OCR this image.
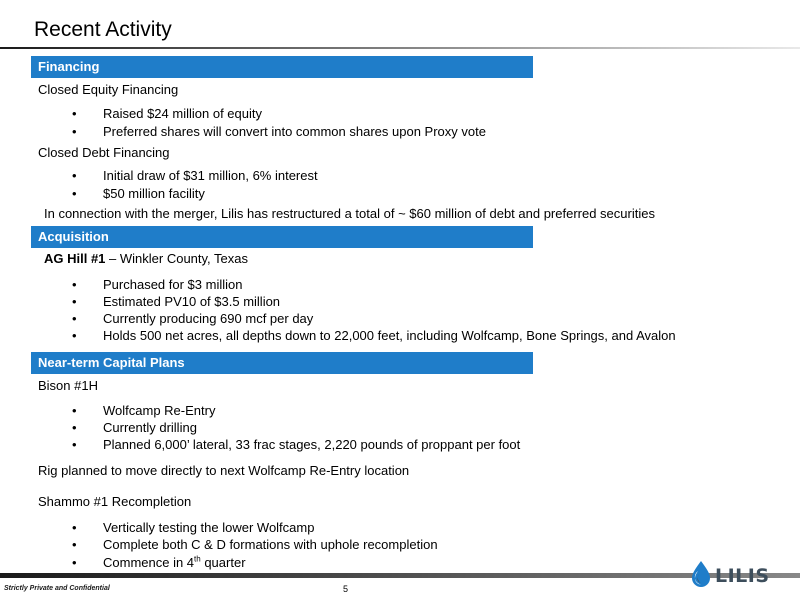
Recent Activity
Financing
Closed Equity Financing
• Raised $24 million of equity
• Preferred shares will convert into common shares upon Proxy vote
Closed Debt Financing
• Initial draw of $31 million, 6% interest
• $50 million facility
In connection with the merger, Lilis has restructured a total of ~ $60 million of debt and preferred securities
Acquisition
AG Hill #1 – Winkler County, Texas
• Purchased for $3 million
• Estimated PV10 of $3.5 million
• Currently producing 690 mcf per day
• Holds 500 net acres, all depths down to 22,000 feet, including Wolfcamp, Bone Springs, and Avalon
Near-term Capital Plans
Bison #1H
• Wolfcamp Re-Entry
• Currently drilling
• Planned 6,000’ lateral, 33 frac stages, 2,220 pounds of proppant per foot
Rig planned to move directly to next Wolfcamp Re-Entry location
Shammo #1 Recompletion
• Vertically testing the lower Wolfcamp
• Complete both C & D formations with uphole recompletion
• Commence in 4th quarter
Strictly Private and Confidential	5
LILIS
